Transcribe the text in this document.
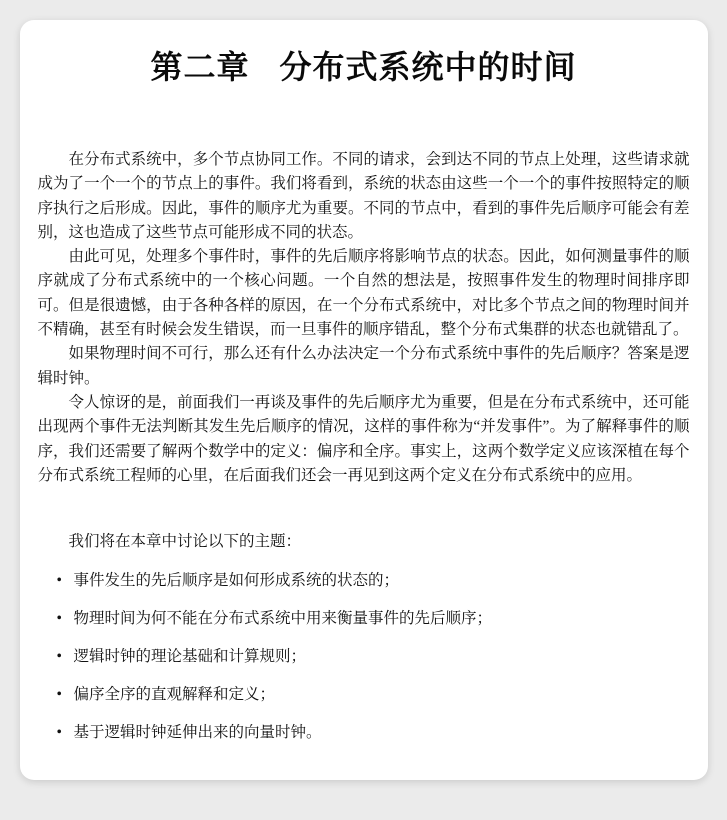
第二章 分布式系统中的时间

在分布式系统中，多个节点协同工作。不同的请求，会到达不同的节点上处理，这些请求就成为了一个一个的节点上的事件。我们将看到，系统的状态由这些一个一个的事件按照特定的顺序执行之后形成。因此，事件的顺序尤为重要。不同的节点中，看到的事件先后顺序可能会有差别，这也造成了这些节点可能形成不同的状态。

由此可见，处理多个事件时，事件的先后顺序将影响节点的状态。因此，如何测量事件的顺序就成了分布式系统中的一个核心问题。一个自然的想法是，按照事件发生的物理时间排序即可。但是很遗憾，由于各种各样的原因，在一个分布式系统中，对比多个节点之间的物理时间并不精确，甚至有时候会发生错误，而一旦事件的顺序错乱，整个分布式集群的状态也就错乱了。

如果物理时间不可行，那么还有什么办法决定一个分布式系统中事件的先后顺序？答案是逻辑时钟。

令人惊讶的是，前面我们一再谈及事件的先后顺序尤为重要，但是在分布式系统中，还可能出现两个事件无法判断其发生先后顺序的情况，这样的事件称为“并发事件”。为了解释事件的顺序，我们还需要了解两个数学中的定义：偏序和全序。事实上，这两个数学定义应该深植在每个分布式系统工程师的心里，在后面我们还会一再见到这两个定义在分布式系统中的应用。

我们将在本章中讨论以下的主题：

• 事件发生的先后顺序是如何形成系统的状态的；
• 物理时间为何不能在分布式系统中用来衡量事件的先后顺序；
• 逻辑时钟的理论基础和计算规则；
• 偏序全序的直观解释和定义；
• 基于逻辑时钟延伸出来的向量时钟。
